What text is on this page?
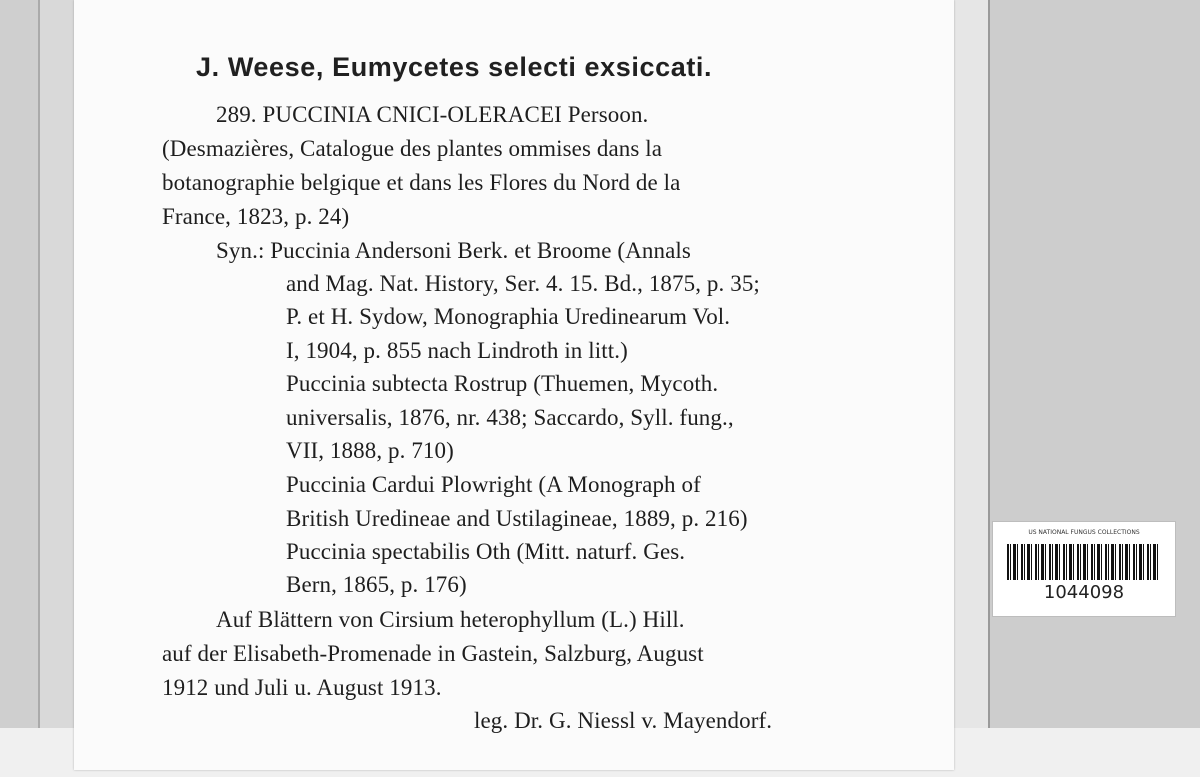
J. Weese, Eumycetes selecti exsiccati.

289. PUCCINIA CNICI-OLERACEI Persoon.

(Desmazières, Catalogue des plantes ommises dans la

botanographie belgique et dans les Flores du Nord de la

France, 1823, p. 24)

Syn.: Puccinia Andersoni Berk. et Broome (Annals

and Mag. Nat. History, Ser. 4. 15. Bd., 1875, p. 35;

P. et H. Sydow, Monographia Uredinearum Vol.

I, 1904, p. 855 nach Lindroth in litt.)

Puccinia subtecta Rostrup (Thuemen, Mycoth.

universalis, 1876, nr. 438; Saccardo, Syll. fung.,

VII, 1888, p. 710)

Puccinia Cardui Plowright (A Monograph of

British Uredineae and Ustilagineae, 1889, p. 216)

Puccinia spectabilis Oth (Mitt. naturf. Ges.

Bern, 1865, p. 176)

Auf Blättern von Cirsium heterophyllum (L.) Hill.

auf der Elisabeth-Promenade in Gastein, Salzburg, August

1912 und Juli u. August 1913.

leg. Dr. G. Niessl v. Mayendorf.

US NATIONAL FUNGUS COLLECTIONS
1044098
